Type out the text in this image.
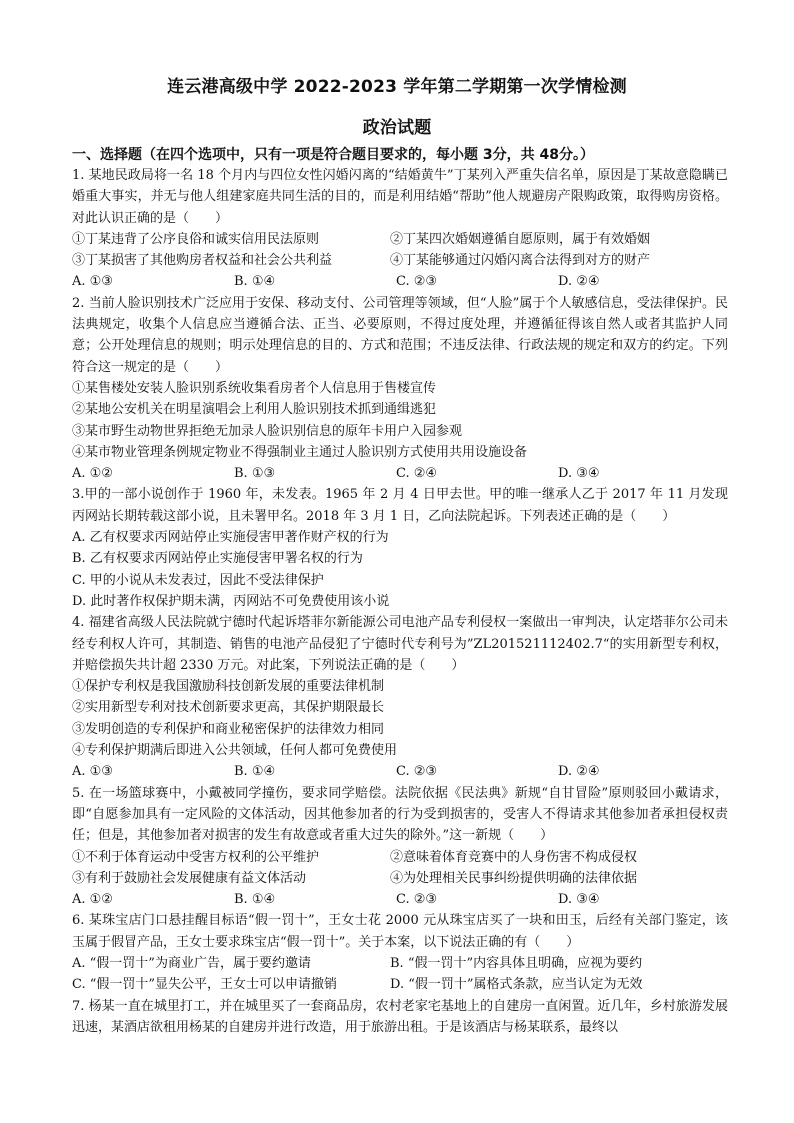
连云港高级中学 2022-2023 学年第二学期第一次学情检测
政治试题
一、选择题（在四个选项中，只有一项是符合题目要求的，每小题 3分，共 48分。）

1. 某地民政局将一名 18 个月内与四位女性闪婚闪离的“结婚黄牛”丁某列入严重失信名单，原因是丁某故意隐瞒已婚重大事实，并无与他人组建家庭共同生活的目的，而是利用结婚“帮助”他人规避房产限购政策，取得购房资格。对此认识正确的是（　　）

①丁某违背了公序良俗和诚实信用民法原则	②丁某四次婚姻遵循自愿原则，属于有效婚姻
③丁某损害了其他购房者权益和社会公共利益	④丁某能够通过闪婚闪离合法得到对方的财产
A. ①③	B. ①④	C. ②③	D. ②④

2. 当前人脸识别技术广泛应用于安保、移动支付、公司管理等领域，但“人脸”属于个人敏感信息，受法律保护。民法典规定，收集个人信息应当遵循合法、正当、必要原则，不得过度处理，并遵循征得该自然人或者其监护人同意；公开处理信息的规则；明示处理信息的目的、方式和范围；不违反法律、行政法规的规定和双方的约定。下列符合这一规定的是（　　）

①某售楼处安装人脸识别系统收集看房者个人信息用于售楼宣传

②某地公安机关在明星演唱会上利用人脸识别技术抓到通缉逃犯

③某市野生动物世界拒绝无加录人脸识别信息的原年卡用户入园参观

④某市物业管理条例规定物业不得强制业主通过人脸识别方式使用共用设施设备

A. ①②	B. ①③	C. ②④	D. ③④

3.甲的一部小说创作于 1960 年，未发表。1965 年 2 月 4 日甲去世。甲的唯一继承人乙于 2017 年 11 月发现丙网站长期转载这部小说，且未署甲名。2018 年 3 月 1 日，乙向法院起诉。下列表述正确的是（　　）

A. 乙有权要求丙网站停止实施侵害甲著作财产权的行为

B. 乙有权要求丙网站停止实施侵害甲署名权的行为

C. 甲的小说从未发表过，因此不受法律保护

D. 此时著作权保护期未满，丙网站不可免费使用该小说

4. 福建省高级人民法院就宁德时代起诉塔菲尔新能源公司电池产品专利侵权一案做出一审判决，认定塔菲尔公司未经专利权人许可，其制造、销售的电池产品侵犯了宁德时代专利号为”ZL201521112402.7“的实用新型专利权，并赔偿损失共计超 2330 万元。对此案，下列说法正确的是（　　）

①保护专利权是我国激励科技创新发展的重要法律机制

②实用新型专利对技术创新要求更高，其保护期限最长

③发明创造的专利保护和商业秘密保护的法律效力相同

④专利保护期满后即进入公共领域，任何人都可免费使用

A. ①③	B. ①④	C. ②③	D. ②④

5. 在一场篮球赛中，小戴被同学撞伤，要求同学赔偿。法院依据《民法典》新规“自甘冒险”原则驳回小戴请求，即“自愿参加具有一定风险的文体活动，因其他参加者的行为受到损害的，受害人不得请求其他参加者承担侵权责任；但是，其他参加者对损害的发生有故意或者重大过失的除外。”这一新规（　　）

①不利于体育运动中受害方权利的公平维护	②意味着体育竞赛中的人身伤害不构成侵权
③有利于鼓励社会发展健康有益文体活动	④为处理相关民事纠纷提供明确的法律依据
A. ①②	B. ①④	C. ②③	D. ③④

6. 某珠宝店门口悬挂醒目标语“假一罚十”，王女士花 2000 元从珠宝店买了一块和田玉，后经有关部门鉴定，该玉属于假冒产品，王女士要求珠宝店“假一罚十”。关于本案，以下说法正确的有（　　）

A. “假一罚十”为商业广告，属于要约邀请	B. “假一罚十”内容具体且明确，应视为要约
C. “假一罚十”显失公平，王女士可以申请撤销	D. “假一罚十”属格式条款，应当认定为无效

7. 杨某一直在城里打工，并在城里买了一套商品房，农村老家宅基地上的自建房一直闲置。近几年，乡村旅游发展迅速，某酒店欲租用杨某的自建房并进行改造，用于旅游出租。于是该酒店与杨某联系，最终以
